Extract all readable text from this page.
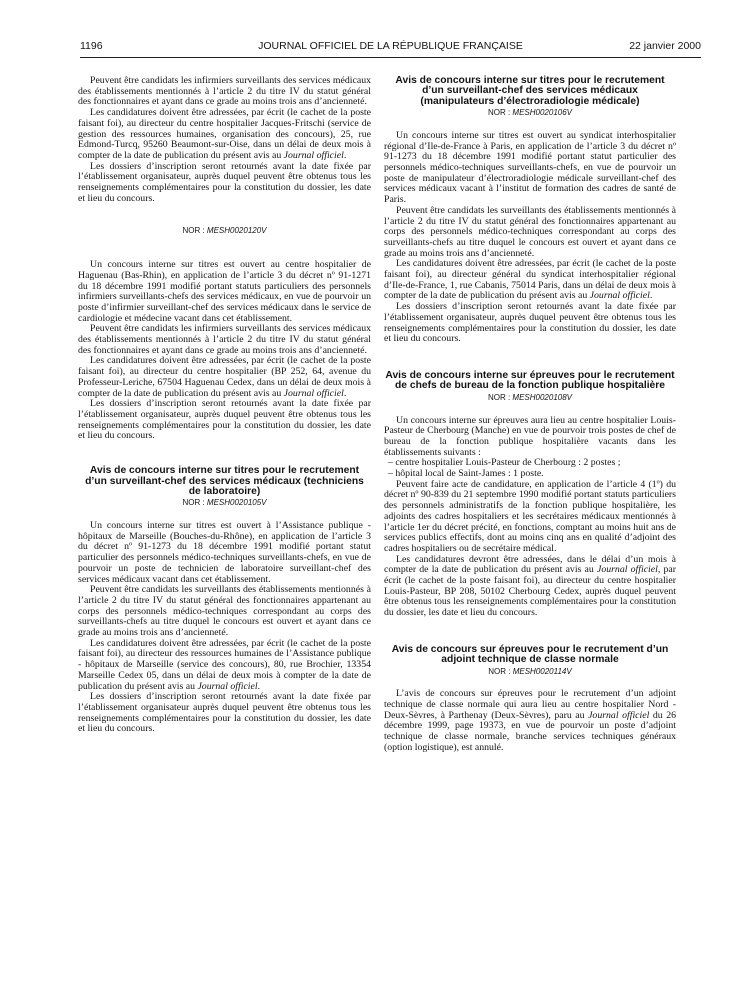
1196	JOURNAL OFFICIEL DE LA RÉPUBLIQUE FRANÇAISE	22 janvier 2000

Peuvent être candidats les infirmiers surveillants des services médicaux des établissements mentionnés à l’article 2 du titre IV du statut général des fonctionnaires et ayant dans ce grade au moins trois ans d’ancienneté.

Les candidatures doivent être adressées, par écrit (le cachet de la poste faisant foi), au directeur du centre hospitalier Jacques-Fritschi (service de gestion des ressources humaines, organisation des concours), 25, rue Edmond-Turcq, 95260 Beaumont-sur-Oise, dans un délai de deux mois à compter de la date de publication du présent avis au Journal officiel.

Les dossiers d’inscription seront retournés avant la date fixée par l’établissement organisateur, auprès duquel peuvent être obtenus tous les renseignements complémentaires pour la constitution du dossier, les date et lieu du concours.

NOR : MESH0020120V

Un concours interne sur titres est ouvert au centre hospitalier de Haguenau (Bas-Rhin), en application de l’article 3 du décret nº 91-1271 du 18 décembre 1991 modifié portant statuts particuliers des personnels infirmiers surveillants-chefs des services médicaux, en vue de pourvoir un poste d’infirmier surveillant-chef des services médicaux dans le service de cardiologie et médecine vacant dans cet établissement.

Peuvent être candidats les infirmiers surveillants des services médicaux des établissements mentionnés à l’article 2 du titre IV du statut général des fonctionnaires et ayant dans ce grade au moins trois ans d’ancienneté.

Les candidatures doivent être adressées, par écrit (le cachet de la poste faisant foi), au directeur du centre hospitalier (BP 252, 64, avenue du Professeur-Leriche, 67504 Haguenau Cedex, dans un délai de deux mois à compter de la date de publication du présent avis au Journal officiel.

Les dossiers d’inscription seront retournés avant la date fixée par l’établissement organisateur, auprès duquel peuvent être obtenus tous les renseignements complémentaires pour la constitution du dossier, les date et lieu du concours.

Avis de concours interne sur titres pour le recrutement d’un surveillant-chef des services médicaux (techniciens de laboratoire)
NOR : MESH0020105V

Un concours interne sur titres est ouvert à l’Assistance publique - hôpitaux de Marseille (Bouches-du-Rhône), en application de l’article 3 du décret nº 91-1273 du 18 décembre 1991 modifié portant statut particulier des personnels médico-techniques surveillants-chefs, en vue de pourvoir un poste de technicien de laboratoire surveillant-chef des services médicaux vacant dans cet établissement.

Peuvent être candidats les surveillants des établissements mentionnés à l’article 2 du titre IV du statut général des fonctionnaires appartenant au corps des personnels médico-techniques correspondant au corps des surveillants-chefs au titre duquel le concours est ouvert et ayant dans ce grade au moins trois ans d’ancienneté.

Les candidatures doivent être adressées, par écrit (le cachet de la poste faisant foi), au directeur des ressources humaines de l’Assistance publique - hôpitaux de Marseille (service des concours), 80, rue Brochier, 13354 Marseille Cedex 05, dans un délai de deux mois à compter de la date de publication du présent avis au Journal officiel.

Les dossiers d’inscription seront retournés avant la date fixée par l’établissement organisateur auprès duquel peuvent être obtenus tous les renseignements complémentaires pour la constitution du dossier, les date et lieu du concours.

Avis de concours interne sur titres pour le recrutement d’un surveillant-chef des services médicaux (manipulateurs d’électroradiologie médicale)
NOR : MESH0020106V

Un concours interne sur titres est ouvert au syndicat interhospitalier régional d’Ile-de-France à Paris, en application de l’article 3 du décret nº 91-1273 du 18 décembre 1991 modifié portant statut particulier des personnels médico-techniques surveillants-chefs, en vue de pourvoir un poste de manipulateur d’électroradiologie médicale surveillant-chef des services médicaux vacant à l’institut de formation des cadres de santé de Paris.

Peuvent être candidats les surveillants des établissements mentionnés à l’article 2 du titre IV du statut général des fonctionnaires appartenant au corps des personnels médico-techniques correspondant au corps des surveillants-chefs au titre duquel le concours est ouvert et ayant dans ce grade au moins trois ans d’ancienneté.

Les candidatures doivent être adressées, par écrit (le cachet de la poste faisant foi), au directeur général du syndicat interhospitalier régional d’Ile-de-France, 1, rue Cabanis, 75014 Paris, dans un délai de deux mois à compter de la date de publication du présent avis au Journal officiel.

Les dossiers d’inscription seront retournés avant la date fixée par l’établissement organisateur, auprès duquel peuvent être obtenus tous les renseignements complémentaires pour la constitution du dossier, les date et lieu du concours.

Avis de concours interne sur épreuves pour le recrutement de chefs de bureau de la fonction publique hospitalière
NOR : MESH0020108V

Un concours interne sur épreuves aura lieu au centre hospitalier Louis-Pasteur de Cherbourg (Manche) en vue de pourvoir trois postes de chef de bureau de la fonction publique hospitalière vacants dans les établissements suivants :

– centre hospitalier Louis-Pasteur de Cherbourg : 2 postes ;

– hôpital local de Saint-James : 1 poste.

Peuvent faire acte de candidature, en application de l’article 4 (1º) du décret nº 90-839 du 21 septembre 1990 modifié portant statuts particuliers des personnels administratifs de la fonction publique hospitalière, les adjoints des cadres hospitaliers et les secrétaires médicaux mentionnés à l’article 1er du décret précité, en fonctions, comptant au moins huit ans de services publics effectifs, dont au moins cinq ans en qualité d’adjoint des cadres hospitaliers ou de secrétaire médical.

Les candidatures devront être adressées, dans le délai d’un mois à compter de la date de publication du présent avis au Journal officiel, par écrit (le cachet de la poste faisant foi), au directeur du centre hospitalier Louis-Pasteur, BP 208, 50102 Cherbourg Cedex, auprès duquel peuvent être obtenus tous les renseignements complémentaires pour la constitution du dossier, les date et lieu du concours.

Avis de concours sur épreuves pour le recrutement d’un adjoint technique de classe normale
NOR : MESH0020114V

L’avis de concours sur épreuves pour le recrutement d’un adjoint technique de classe normale qui aura lieu au centre hospitalier Nord - Deux-Sèvres, à Parthenay (Deux-Sèvres), paru au Journal officiel du 26 décembre 1999, page 19373, en vue de pourvoir un poste d’adjoint technique de classe normale, branche services techniques généraux (option logistique), est annulé.
